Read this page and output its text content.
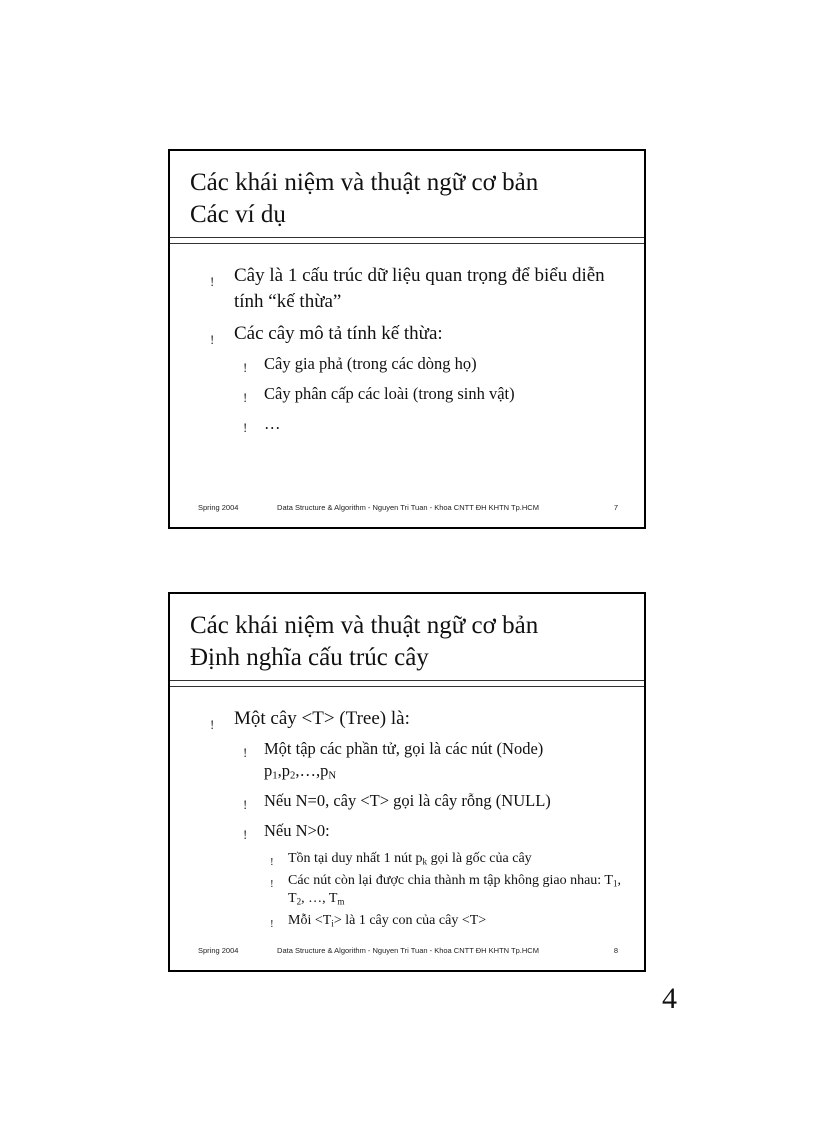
Các khái niệm và thuật ngữ cơ bản
Các ví dụ
! Cây là 1 cấu trúc dữ liệu quan trọng để biểu diễn tính “kế thừa”
! Các cây mô tả tính kế thừa:
! Cây gia phả (trong các dòng họ)
! Cây phân cấp các loài (trong sinh vật)
! …
Spring 2004	Data Structure & Algorithm - Nguyen Tri Tuan - Khoa CNTT ĐH KHTN Tp.HCM	7
Các khái niệm và thuật ngữ cơ bản
Định nghĩa cấu trúc cây
! Một cây <T> (Tree) là:
! Một tập các phần tử, gọi là các nút (Node)
$p_1,p_2,\dots,p_N$
! Nếu N=0, cây <T> gọi là cây rỗng (NULL)
! Nếu N>0:
! Tồn tại duy nhất 1 nút $p_k$ gọi là gốc của cây
! Các nút còn lại được chia thành m tập không giao nhau: $T_1$, $T_2$, …, $T_m$
! Mỗi $<T_i>$ là 1 cây con của cây <T>
Spring 2004	Data Structure & Algorithm - Nguyen Tri Tuan - Khoa CNTT ĐH KHTN Tp.HCM	8
4
